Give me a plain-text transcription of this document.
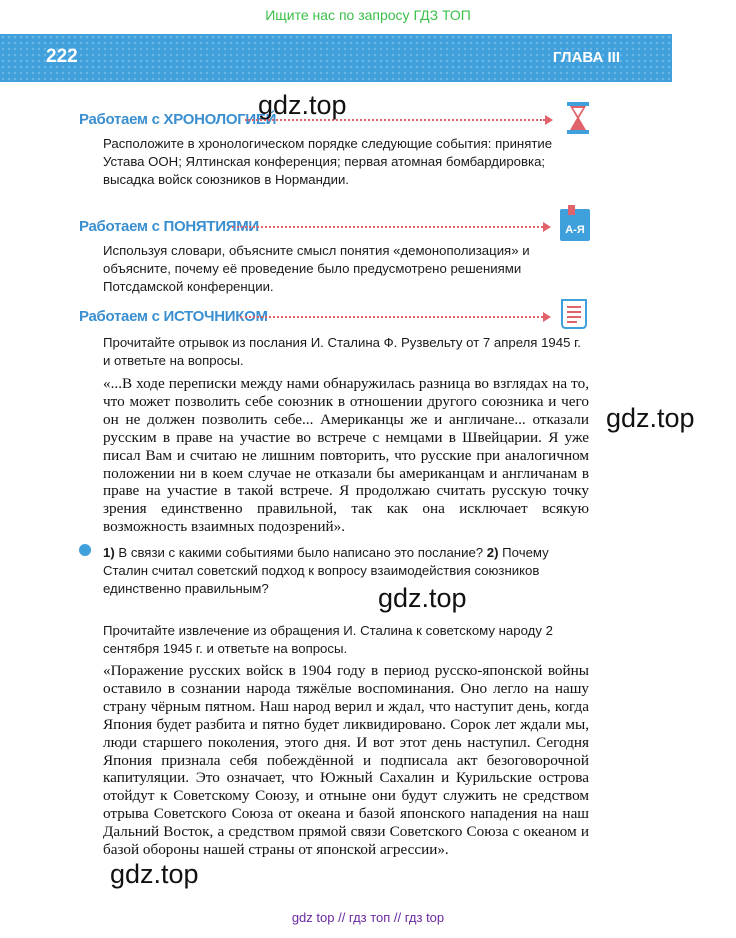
Ищите нас по запросу ГДЗ ТОП
222	ГЛАВА III
Работаем с ХРОНОЛОГИЕЙ
Расположите в хронологическом порядке следующие события: принятие Устава ООН; Ялтинская конференция; первая атомная бомбардировка; высадка войск союзников в Нормандии.
Работаем с ПОНЯТИЯМИ	А-Я
Используя словари, объясните смысл понятия «демонополизация» и объясните, почему её проведение было предусмотрено решениями Потсдамской конференции.
Работаем с ИСТОЧНИКОМ
Прочитайте отрывок из послания И. Сталина Ф. Рузвельту от 7 апреля 1945 г. и ответьте на вопросы.
«...В ходе переписки между нами обнаружилась разница во взглядах на то, что может позволить себе союзник в отношении другого союзника и чего он не должен позволить себе... Американцы же и англичане... отказали русским в праве на участие во встрече с немцами в Швейцарии. Я уже писал Вам и считаю не лишним повторить, что русские при аналогичном положении ни в коем случае не отказали бы американцам и англичанам в праве на участие в такой встрече. Я продолжаю считать русскую точку зрения единственно правильной, так как она исключает всякую возможность взаимных подозрений».
1) В связи с какими событиями было написано это послание? 2) Почему Сталин считал советский подход к вопросу взаимодействия союзников единственно правильным?
Прочитайте извлечение из обращения И. Сталина к советскому народу 2 сентября 1945 г. и ответьте на вопросы.
«Поражение русских войск в 1904 году в период русско-японской войны оставило в сознании народа тяжёлые воспоминания. Оно легло на нашу страну чёрным пятном. Наш народ верил и ждал, что наступит день, когда Япония будет разбита и пятно будет ликвидировано. Сорок лет ждали мы, люди старшего поколения, этого дня. И вот этот день наступил. Сегодня Япония признала себя побеждённой и подписала акт безоговорочной капитуляции. Это означает, что Южный Сахалин и Курильские острова отойдут к Советскому Союзу, и отныне они будут служить не средством отрыва Советского Союза от океана и базой японского нападения на наш Дальний Восток, а средством прямой связи Советского Союза с океаном и базой обороны нашей страны от японской агрессии».
gdz.top
gdz.top
gdz.top
gdz.top
gdz top // гдз топ // гдз top
